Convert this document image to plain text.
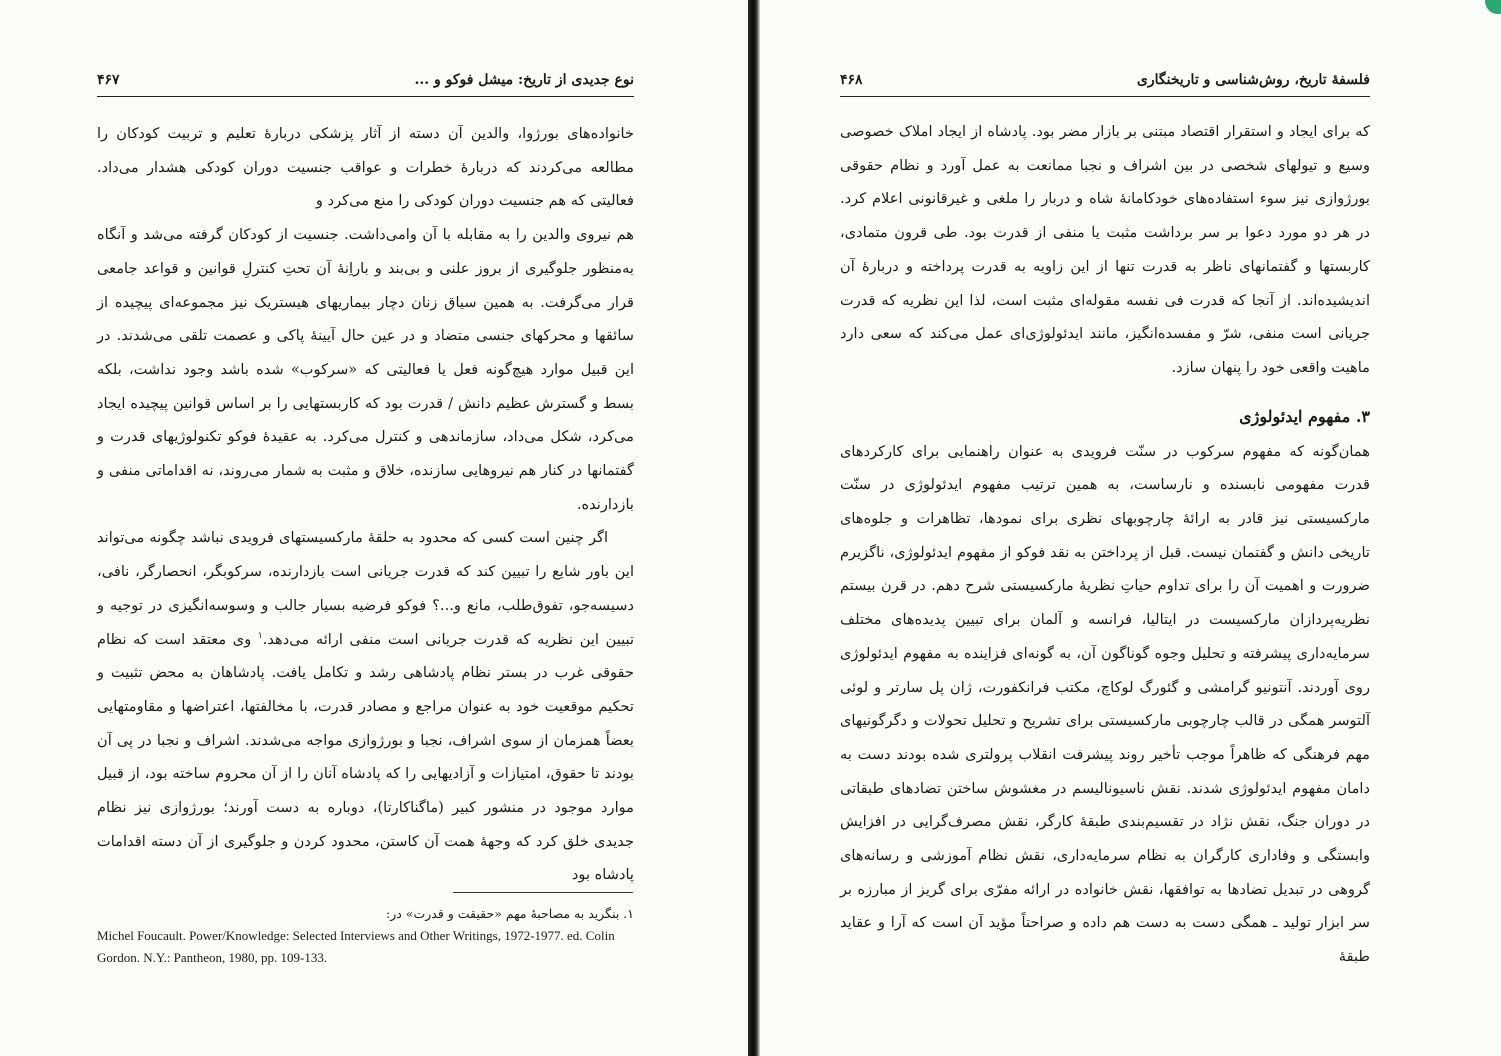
نوع جدیدی از تاریخ: میشل فوکو و ...
۴۶۷

خانواده‌های بورژوا، والدین آن دسته از آثار پزشکی دربارهٔ تعلیم و تربیت کودکان را مطالعه می‌کردند که دربارهٔ خطرات و عواقب جنسیت دوران کودکی هشدار می‌داد. فعالیتی که هم جنسیت دوران کودکی را منع می‌کرد و

هم نیروی والدین را به مقابله با آن وامی‌داشت. جنسیت از کودکان گرفته می‌شد و آنگاه به‌منظور جلوگیری از بروز علنی و بی‌بند و باراِنهٔ آن تحتِ کنترلِ قوانین و قواعد جامعی قرار می‌گرفت. به همین سیاق زنان دچار بیماریهای هیستریک نیز مجموعه‌ای پیچیده از سائقها و محرکهای جنسی متضاد و در عین حال آیینهٔ پاکی و عصمت تلقی می‌شدند. در این قبیل موارد هیچ‌گونه فعل یا فعالیتی که «سرکوب» شده باشد وجود نداشت، بلکه بسط و گسترش عظیم دانش / قدرت بود که کاربستهایی را بر اساس قوانین پیچیده ایجاد می‌کرد، شکل می‌داد، سازماندهی و کنترل می‌کرد. به عقیدهٔ فوکو تکنولوژیهای قدرت و گفتمانها در کنار هم نیروهایی سازنده، خلاق و مثبت به شمار می‌روند، نه اقداماتی منفی و بازدارنده.

اگر چنین است کسی که محدود به حلقهٔ مارکسیستهای فرویدی نباشد چگونه می‌تواند این باور شایع را تبیین کند که قدرت جریانی است بازدارنده، سرکوبگر، انحصارگر، نافی، دسیسه‌جو، تفوق‌طلب، مانع و...؟ فوکو فرضیه بسیار جالب و وسوسه‌انگیزی در توجیه و تبیین این نظریه که قدرت جریانی است منفی ارائه می‌دهد.$^۱$ وی معتقد است که نظام حقوقی غرب در بستر نظام پادشاهی رشد و تکامل یافت. پادشاهان به محض تثبیت و تحکیم موقعیت خود به عنوان مراجع و مصادر قدرت، با مخالفتها، اعتراضها و مقاومتهایی بعضاً همزمان از سوی اشراف، نجبا و بورژوازی مواجه می‌شدند. اشراف و نجبا در پی آن بودند تا حقوق، امتیازات و آزادیهایی را که پادشاه آنان را از آن محروم ساخته بود، از قبیل موارد موجود در منشور کبیر (ماگناکارتا)، دوباره به دست آورند؛ بورژوازی نیز نظام جدیدی خلق کرد که وجههٔ همت آن کاستن، محدود کردن و جلوگیری از آن دسته اقدامات پادشاه بود

۱. بنگرید به مصاحبهٔ مهم «حقیقت و قدرت» در:
Michel Foucault. Power/Knowledge: Selected Interviews and Other Writings, 1972-1977. ed. Colin Gordon. N.Y.: Pantheon, 1980, pp. 109-133.
فلسفهٔ تاریخ، روش‌شناسی و تاریخنگاری
۴۶۸

که برای ایجاد و استقرار اقتصاد مبتنی بر بازار مضر بود. پادشاه از ایجاد املاک خصوصی وسیع و تیولهای شخصی در بین اشراف و نجبا ممانعت به عمل آورد و نظام حقوقی بورژوازی نیز سوء استفاده‌های خودکامانهٔ شاه و دربار را ملغی و غیرقانونی اعلام کرد. در هر دو مورد دعوا بر سر برداشت مثبت یا منفی از قدرت بود. طی قرون متمادی، کاربستها و گفتمانهای ناظر به قدرت تنها از این زاویه به قدرت پرداخته و دربارهٔ آن اندیشیده‌اند. از آنجا که قدرت فی نفسه مقوله‌ای مثبت است، لذا این نظریه که قدرت جریانی است منفی، شرّ و مفسده‌انگیز، مانند ایدئولوژی‌ای عمل می‌کند که سعی دارد ماهیت واقعی خود را پنهان سازد.

۳. مفهوم ایدئولوژی

همان‌گونه که مفهوم سرکوب در سنّت فرویدی به عنوان راهنمایی برای کارکردهای قدرت مفهومی نابسنده و نارساست، به همین ترتیب مفهوم ایدئولوژی در سنّت مارکسیستی نیز قادر به ارائهٔ چارچوبهای نظری برای نمودها، تظاهرات و جلوه‌های تاریخی دانش و گفتمان نیست. قبل از پرداختن به نقد فوکو از مفهوم ایدئولوژی، ناگزیرم ضرورت و اهمیت آن را برای تداوم حیاتِ نظریهٔ مارکسیستی شرح دهم. در قرن بیستم نظریه‌پردازان مارکسیست در ایتالیا، فرانسه و آلمان برای تبیین پدیده‌های مختلف سرمایه‌داری پیشرفته و تحلیل وجوه گوناگون آن، به گونه‌ای فزاینده به مفهوم ایدئولوژی روی آوردند. آنتونیو گرامشی و گئورگ لوکاچ، مکتب فرانکفورت، ژان پل سارتر و لوئی آلتوسر همگی در قالب چارچوبی مارکسیستی برای تشریح و تحلیل تحولات و دگرگونیهای مهم فرهنگی که ظاهراً موجب تأخیر روند پیشرفت انقلاب پرولتری شده بودند دست به دامان مفهوم ایدئولوژی شدند. نقش ناسیونالیسم در مغشوش ساختن تضادهای طبقاتی در دوران جنگ، نقش نژاد در تقسیم‌بندی طبقهٔ کارگر، نقش مصرف‌گرایی در افزایش وابستگی و وفاداری کارگران به نظام سرمایه‌داری، نقش نظام آموزشی و رسانه‌های گروهی در تبدیل تضادها به توافقها، نقش خانواده در ارائه مفرّی برای گریز از مبارزه بر سر ابزار تولید ـ همگی دست به دست هم داده و صراحتاً مؤید آن است که آرا و عقاید طبقهٔ
